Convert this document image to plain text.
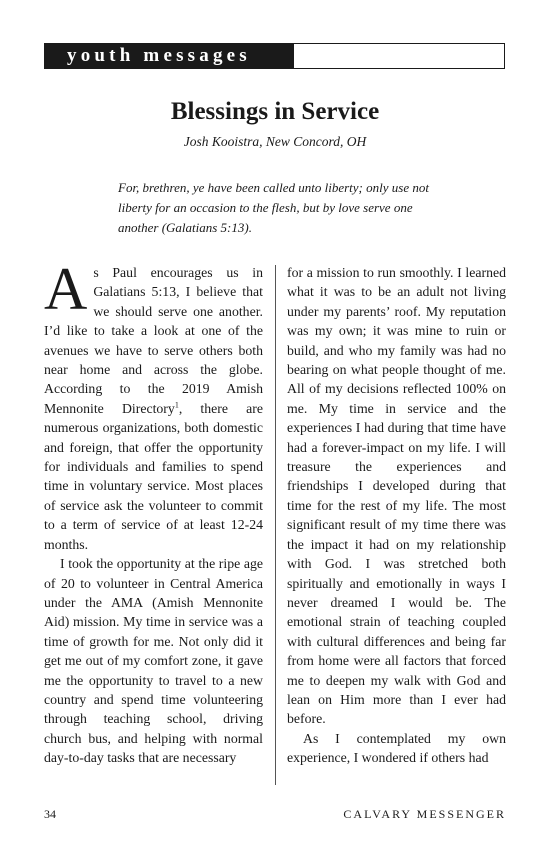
youth messages
Blessings in Service
Josh Kooistra, New Concord, OH
For, brethren, ye have been called unto liberty; only use not liberty for an occasion to the flesh, but by love serve one another (Galatians 5:13).

As Paul encourages us in Galatians 5:13, I believe that we should serve one another. I’d like to take a look at one of the avenues we have to serve others both near home and across the globe. According to the 2019 Amish Mennonite Directory$^1$, there are numerous organizations, both domestic and foreign, that offer the opportunity for individuals and families to spend time in voluntary service. Most places of service ask the volunteer to commit to a term of service of at least 12-24 months.

I took the opportunity at the ripe age of 20 to volunteer in Central America under the AMA (Amish Mennonite Aid) mission. My time in service was a time of growth for me. Not only did it get me out of my comfort zone, it gave me the opportunity to travel to a new country and spend time volunteering through teaching school, driving church bus, and helping with normal day-to-day tasks that are necessary

for a mission to run smoothly. I learned what it was to be an adult not living under my parents’ roof. My reputation was my own; it was mine to ruin or build, and who my family was had no bearing on what people thought of me. All of my decisions reflected 100% on me. My time in service and the experiences I had during that time have had a forever-impact on my life. I will treasure the experiences and friendships I developed during that time for the rest of my life. The most significant result of my time there was the impact it had on my relationship with God. I was stretched both spiritually and emotionally in ways I never dreamed I would be. The emotional strain of teaching coupled with cultural differences and being far from home were all factors that forced me to deepen my walk with God and lean on Him more than I ever had before.

As I contemplated my own experience, I wondered if others had

34	CALVARY MESSENGER
